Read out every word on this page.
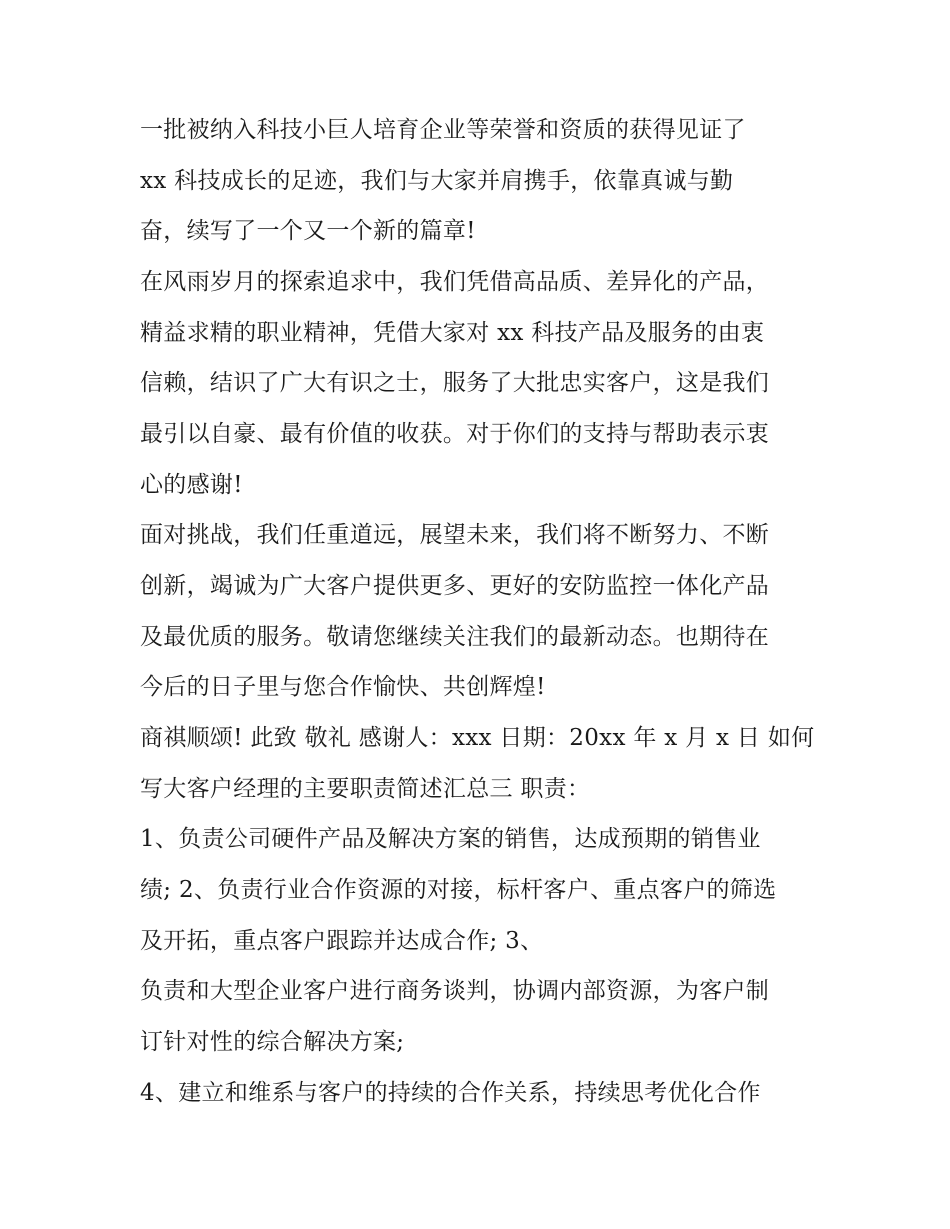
一批被纳入科技小巨人培育企业等荣誉和资质的获得见证了
xx 科技成长的足迹，我们与大家并肩携手，依靠真诚与勤
奋，续写了一个又一个新的篇章!
在风雨岁月的探索追求中，我们凭借高品质、差异化的产品，
精益求精的职业精神，凭借大家对 xx 科技产品及服务的由衷
信赖，结识了广大有识之士，服务了大批忠实客户，这是我们
最引以自豪、最有价值的收获。对于你们的支持与帮助表示衷
心的感谢!
面对挑战，我们任重道远，展望未来，我们将不断努力、不断
创新，竭诚为广大客户提供更多、更好的安防监控一体化产品
及最优质的服务。敬请您继续关注我们的最新动态。也期待在
今后的日子里与您合作愉快、共创辉煌!
商祺顺颂! 此致 敬礼 感谢人：xxx 日期：20xx 年 x 月 x 日 如何
写大客户经理的主要职责简述汇总三 职责：
1、负责公司硬件产品及解决方案的销售，达成预期的销售业
绩; 2、负责行业合作资源的对接，标杆客户、重点客户的筛选
及开拓，重点客户跟踪并达成合作; 3、
负责和大型企业客户进行商务谈判，协调内部资源，为客户制
订针对性的综合解决方案;
4、建立和维系与客户的持续的合作关系，持续思考优化合作
